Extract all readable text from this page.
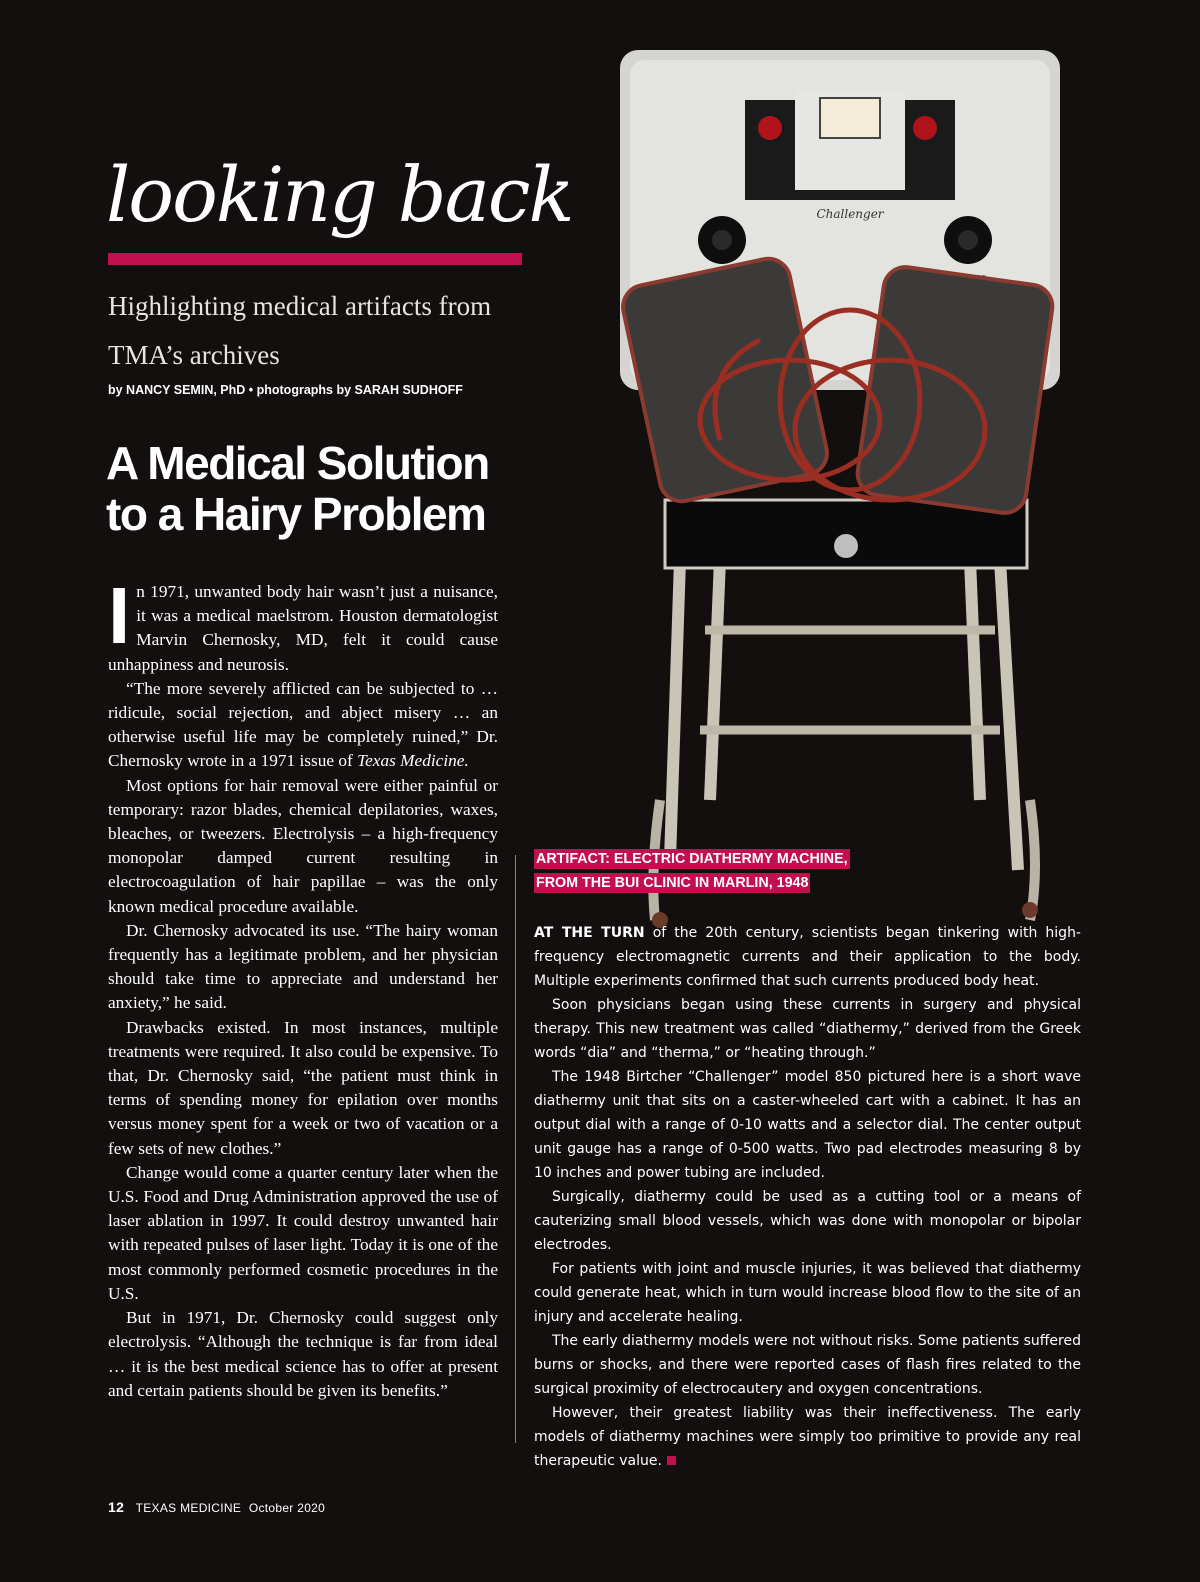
Challenger
looking back
Highlighting medical artifacts from TMA’s archives
by NANCY SEMIN, PhD • photographs by SARAH SUDHOFF
A Medical Solution
to a Hairy Problem

In 1971, unwanted body hair wasn’t just a nuisance, it was a medical maelstrom. Houston dermatologist Marvin Chernosky, MD, felt it could cause unhappiness and neurosis.

“The more severely afflicted can be subjected to … ridicule, social rejection, and abject misery … an otherwise useful life may be completely ruined,” Dr. Chernosky wrote in a 1971 issue of Texas Medicine.

Most options for hair removal were either painful or temporary: razor blades, chemical depilatories, waxes, bleaches, or tweezers. Electrolysis – a high-frequency monopolar damped current resulting in electrocoagulation of hair papillae – was the only known medical procedure available.

Dr. Chernosky advocated its use. “The hairy woman frequently has a legitimate problem, and her physician should take time to appreciate and understand her anxiety,” he said.

Drawbacks existed. In most instances, multiple treatments were required. It also could be expensive. To that, Dr. Chernosky said, “the patient must think in terms of spending money for epilation over months versus money spent for a week or two of vacation or a few sets of new clothes.”

Change would come a quarter century later when the U.S. Food and Drug Administration approved the use of laser ablation in 1997. It could destroy unwanted hair with repeated pulses of laser light. Today it is one of the most commonly performed cosmetic procedures in the U.S.

But in 1971, Dr. Chernosky could suggest only electrolysis. “Although the technique is far from ideal … it is the best medical science has to offer at present and certain patients should be given its benefits.”

ARTIFACT: ELECTRIC DIATHERMY MACHINE,
FROM THE BUI CLINIC IN MARLIN, 1948

AT THE TURN of the 20th century, scientists began tinkering with high-frequency electromagnetic currents and their application to the body. Multiple experiments confirmed that such currents produced body heat.

Soon physicians began using these currents in surgery and physical therapy. This new treatment was called “diathermy,” derived from the Greek words “dia” and “therma,” or “heating through.”

The 1948 Birtcher “Challenger” model 850 pictured here is a short wave diathermy unit that sits on a caster-wheeled cart with a cabinet. It has an output dial with a range of 0-10 watts and a selector dial. The center output unit gauge has a range of 0-500 watts. Two pad electrodes measuring 8 by 10 inches and power tubing are included.

Surgically, diathermy could be used as a cutting tool or a means of cauterizing small blood vessels, which was done with monopolar or bipolar electrodes.

For patients with joint and muscle injuries, it was believed that diathermy could generate heat, which in turn would increase blood flow to the site of an injury and accelerate healing.

The early diathermy models were not without risks. Some patients suffered burns or shocks, and there were reported cases of flash fires related to the surgical proximity of electrocautery and oxygen concentrations.

However, their greatest liability was their ineffectiveness. The early models of diathermy machines were simply too primitive to provide any real therapeutic value.

12 TEXAS MEDICINE October 2020
